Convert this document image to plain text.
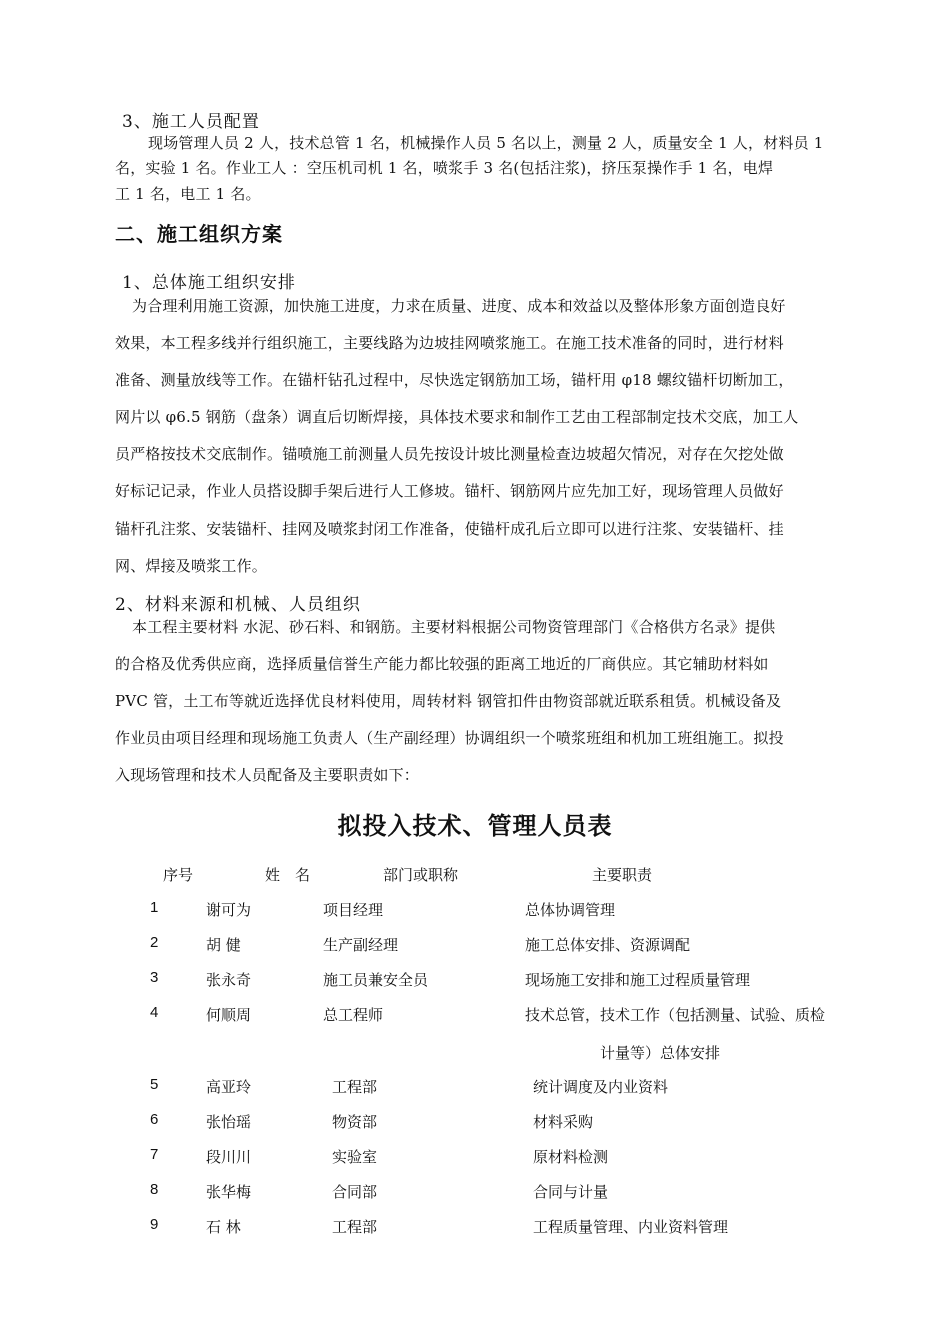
3、施工人员配置
现场管理人员 2 人，技术总管 1 名，机械操作人员 5 名以上，测量 2 人，质量安全 1 人，材料员 1
名，实验 1 名。作业工人 ：空压机司机 1 名，喷浆手 3 名(包括注浆)，挤压泵操作手 1 名，电焊
工 1 名，电工 1 名。
二、施工组织方案
1、总体施工组织安排
为合理利用施工资源，加快施工进度，力求在质量、进度、成本和效益以及整体形象方面创造良好
效果，本工程多线并行组织施工，主要线路为边坡挂网喷浆施工。在施工技术准备的同时，进行材料
准备、测量放线等工作。在锚杆钻孔过程中，尽快选定钢筋加工场，锚杆用 φ18 螺纹锚杆切断加工，
网片以 φ6.5 钢筋（盘条）调直后切断焊接，具体技术要求和制作工艺由工程部制定技术交底，加工人
员严格按技术交底制作。锚喷施工前测量人员先按设计坡比测量检查边坡超欠情况，对存在欠挖处做
好标记记录，作业人员搭设脚手架后进行人工修坡。锚杆、钢筋网片应先加工好，现场管理人员做好
锚杆孔注浆、安装锚杆、挂网及喷浆封闭工作准备，使锚杆成孔后立即可以进行注浆、安装锚杆、挂
网、焊接及喷浆工作。
2、材料来源和机械、人员组织
本工程主要材料 水泥、砂石料、和钢筋。主要材料根据公司物资管理部门《合格供方名录》提供
的合格及优秀供应商，选择质量信誉生产能力都比较强的距离工地近的厂商供应。其它辅助材料如
PVC 管，土工布等就近选择优良材料使用，周转材料 钢管扣件由物资部就近联系租赁。机械设备及
作业员由项目经理和现场施工负责人（生产副经理）协调组织一个喷浆班组和机加工班组施工。拟投
入现场管理和技术人员配备及主要职责如下：
拟投入技术、管理人员表
序号	姓　名	部门或职称	主要职责
1	谢可为	项目经理	总体协调管理
2	胡 健	生产副经理	施工总体安排、资源调配
3	张永奇	施工员兼安全员	现场施工安排和施工过程质量管理
4	何顺周	总工程师	技术总管，技术工作（包括测量、试验、质检
计量等）总体安排
5	高亚玲	工程部	统计调度及内业资料
6	张怡瑶	物资部	材料采购
7	段川川	实验室	原材料检测
8	张华梅	合同部	合同与计量
9	石 林	工程部	工程质量管理、内业资料管理
